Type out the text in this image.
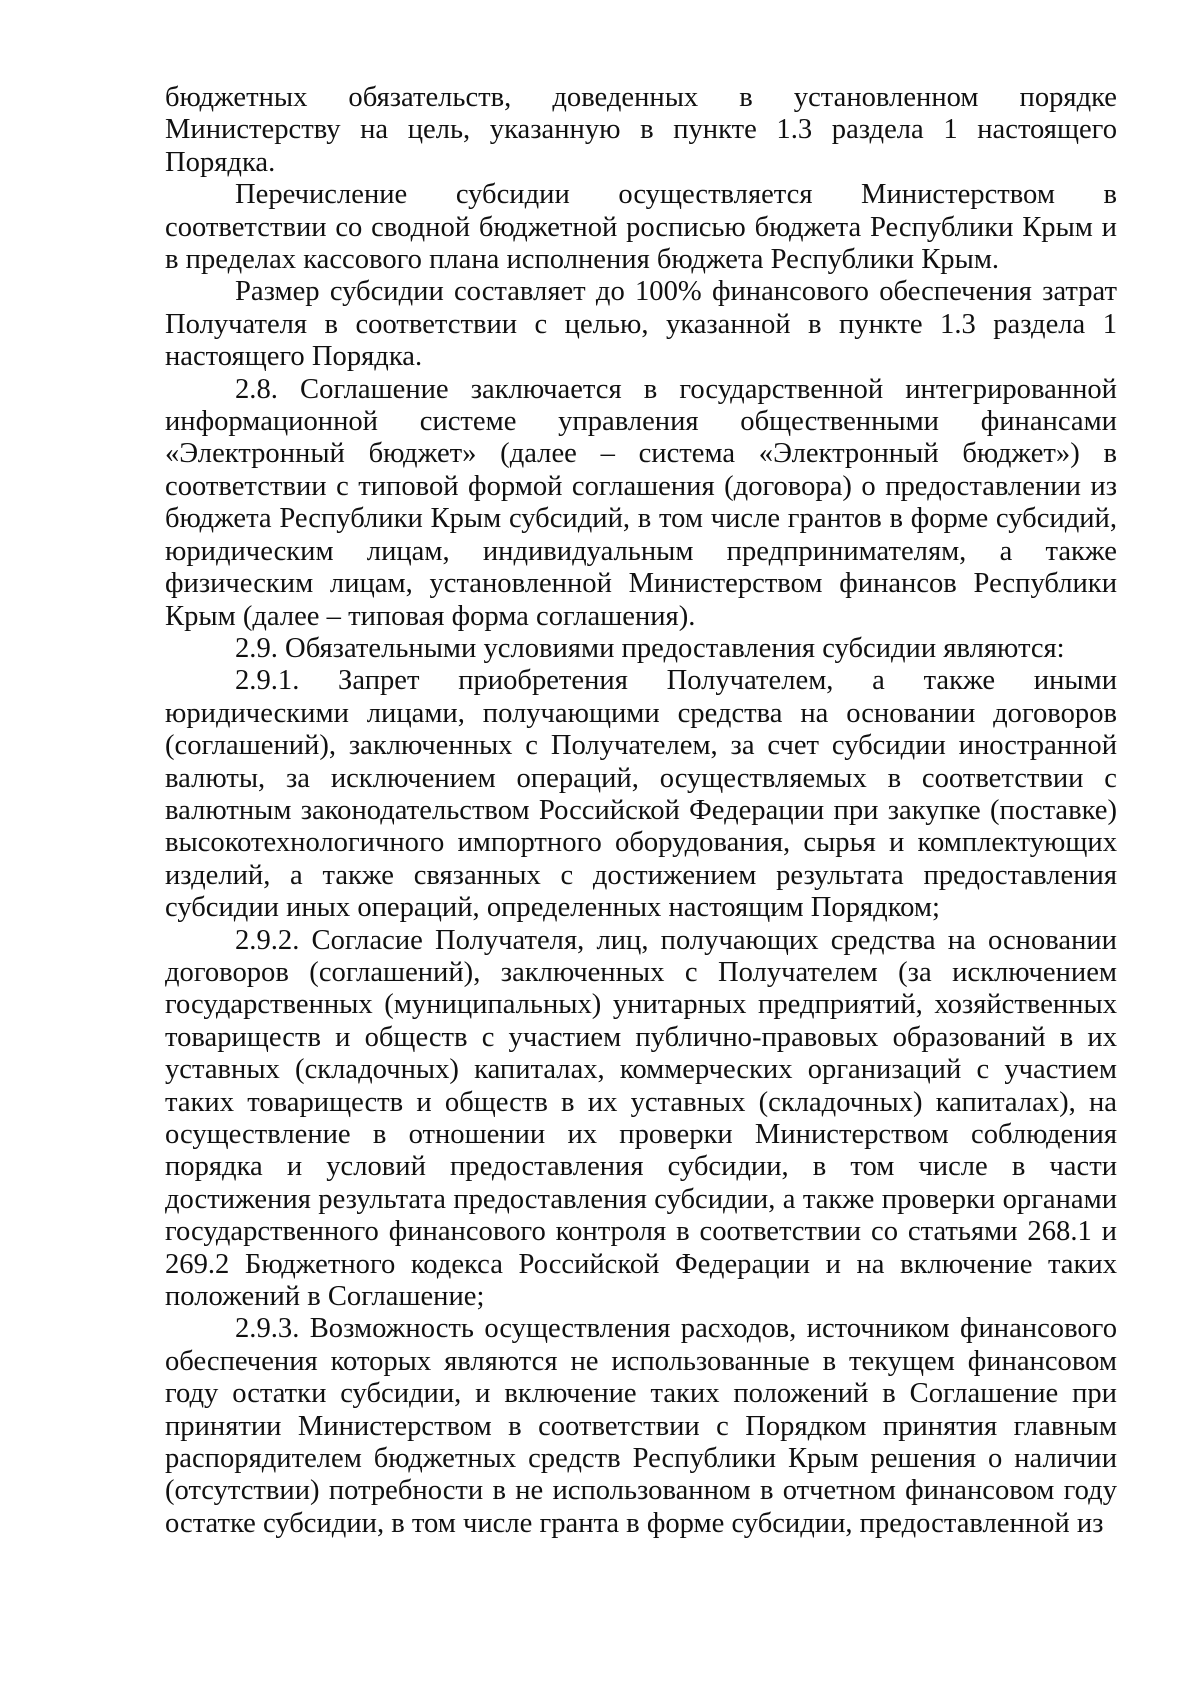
бюджетных обязательств, доведенных в установленном порядке Министерству на цель, указанную в пункте 1.3 раздела 1 настоящего Порядка.

Перечисление субсидии осуществляется Министерством в соответствии со сводной бюджетной росписью бюджета Республики Крым и в пределах кассового плана исполнения бюджета Республики Крым.

Размер субсидии составляет до 100% финансового обеспечения затрат Получателя в соответствии с целью, указанной в пункте 1.3 раздела 1 настоящего Порядка.

2.8. Соглашение заключается в государственной интегрированной информационной системе управления общественными финансами «Электронный бюджет» (далее – система «Электронный бюджет») в соответствии с типовой формой соглашения (договора) о предоставлении из бюджета Республики Крым субсидий, в том числе грантов в форме субсидий, юридическим лицам, индивидуальным предпринимателям, а также физическим лицам, установленной Министерством финансов Республики Крым (далее – типовая форма соглашения).

2.9. Обязательными условиями предоставления субсидии являются:

2.9.1. Запрет приобретения Получателем, а также иными юридическими лицами, получающими средства на основании договоров (соглашений), заключенных с Получателем, за счет субсидии иностранной валюты, за исключением операций, осуществляемых в соответствии с валютным законодательством Российской Федерации при закупке (поставке) высокотехнологичного импортного оборудования, сырья и комплектующих изделий, а также связанных с достижением результата предоставления субсидии иных операций, определенных настоящим Порядком;

2.9.2. Согласие Получателя, лиц, получающих средства на основании договоров (соглашений), заключенных с Получателем (за исключением государственных (муниципальных) унитарных предприятий, хозяйственных товариществ и обществ с участием публично-правовых образований в их уставных (складочных) капиталах, коммерческих организаций с участием таких товариществ и обществ в их уставных (складочных) капиталах), на осуществление в отношении их проверки Министерством соблюдения порядка и условий предоставления субсидии, в том числе в части достижения результата предоставления субсидии, а также проверки органами государственного финансового контроля в соответствии со статьями 268.1 и 269.2 Бюджетного кодекса Российской Федерации и на включение таких положений в Соглашение;

2.9.3. Возможность осуществления расходов, источником финансового обеспечения которых являются не использованные в текущем финансовом году остатки субсидии, и включение таких положений в Соглашение при принятии Министерством в соответствии с Порядком принятия главным распорядителем бюджетных средств Республики Крым решения о наличии (отсутствии) потребности в не использованном в отчетном финансовом году остатке субсидии, в том числе гранта в форме субсидии, предоставленной из
